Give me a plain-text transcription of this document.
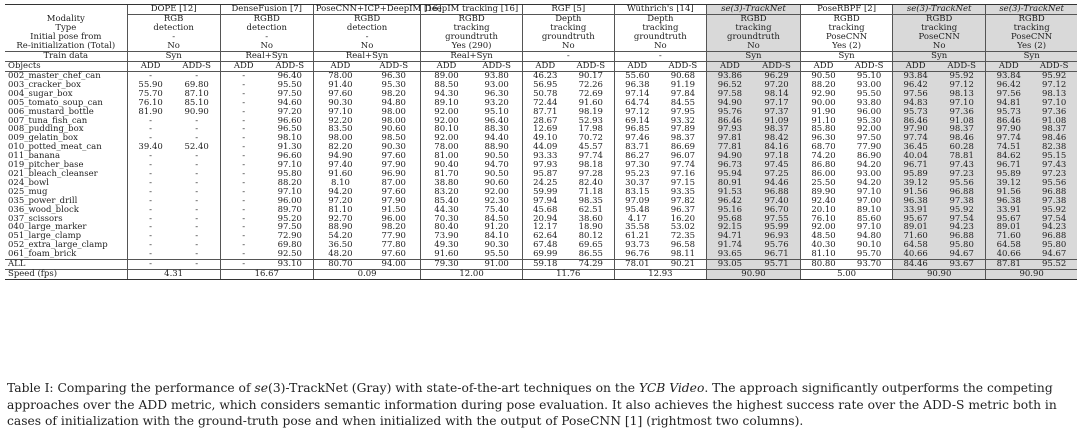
	DOPE [12]		DenseFusion [7]		PoseCNN+ICP+DeepIM [16]		DeepIM tracking [16]		RGF [5]		Wüthrich's [14]		se(3)-TrackNet		PoseRBPF [2]		se(3)-TrackNet		se(3)-TrackNet	
Modality	RGB		RGBD		RGBD		RGBD		Depth		Depth		RGBD		RGBD		RGBD		RGBD	
Type	detection		detection		detection		tracking		tracking		tracking		tracking		tracking		tracking		tracking	
Initial pose from	-		-		-		groundtruth		groundtruth		groundtruth		groundtruth		PoseCNN		PoseCNN		PoseCNN	
Re-initialization (Total)	No		No		No		Yes (290)		No		No		No		Yes (2)		No		Yes (2)	
Train data	Syn		Real+Syn		Real+Syn		Real+Syn		-		-		Syn		Syn		Syn		Syn	
Objects	ADD	ADD-S	ADD	ADD-S	ADD	ADD-S	ADD	ADD-S	ADD	ADD-S	ADD	ADD-S	ADD	ADD-S	ADD	ADD-S	ADD	ADD-S	ADD	ADD-S
002_master_chef_can	-	-	-	96.40	78.00	96.30	89.00	93.80	46.23	90.17	55.60	90.68	93.86	96.29	90.50	95.10	93.84	95.92	93.84	95.92
003_cracker_box	55.90	69.80	-	95.50	91.40	95.30	88.50	93.00	56.95	72.26	96.38	91.19	96.52	97.20	88.20	93.00	96.42	97.12	96.42	97.12
004_sugar_box	75.70	87.10	-	97.50	97.60	98.20	94.30	96.30	50.78	72.69	97.14	97.84	97.58	98.14	92.90	95.50	97.56	98.13	97.56	98.13
005_tomato_soup_can	76.10	85.10	-	94.60	90.30	94.80	89.10	93.20	72.44	91.60	64.74	84.55	94.90	97.17	90.00	93.80	94.83	97.10	94.81	97.10
006_mustard_bottle	81.90	90.90	-	97.20	97.10	98.00	92.00	95.10	87.71	98.19	97.12	97.95	95.76	97.37	91.90	96.00	95.73	97.36	95.73	97.36
007_tuna_fish_can	-	-	-	96.60	92.20	98.00	92.00	96.40	28.67	52.93	69.14	93.32	86.46	91.09	91.10	95.30	86.46	91.08	86.46	91.08
008_pudding_box	-	-	-	96.50	83.50	90.60	80.10	88.30	12.69	17.98	96.85	97.89	97.93	98.37	85.80	92.00	97.90	98.37	97.90	98.37
009_gelatin_box	-	-	-	98.10	98.00	98.50	92.00	94.40	49.10	70.72	97.46	98.37	97.81	98.42	96.30	97.50	97.74	98.46	97.74	98.46
010_potted_meat_can	39.40	52.40	-	91.30	82.20	90.30	78.00	88.90	44.09	45.57	83.71	86.69	77.81	84.16	68.70	77.90	36.45	60.28	74.51	82.38
011_banana	-	-	-	96.60	94.90	97.60	81.00	90.50	93.33	97.74	86.27	96.07	94.90	97.18	74.20	86.90	40.04	78.81	84.62	95.15
019_pitcher_base	-	-	-	97.10	97.40	97.90	90.40	94.70	97.93	98.18	97.30	97.74	96.73	97.45	86.80	94.20	96.71	97.43	96.71	97.43
021_bleach_cleanser	-	-	-	95.80	91.60	96.90	81.70	90.50	95.87	97.28	95.23	97.16	95.94	97.25	86.00	93.00	95.89	97.23	95.89	97.23
024_bowl	-	-	-	88.20	8.10	87.00	38.80	90.60	24.25	82.40	30.37	97.15	80.91	94.46	25.50	94.20	39.12	95.56	39.12	95.56
025_mug	-	-	-	97.10	94.20	97.60	83.20	92.00	59.99	71.18	83.15	93.35	91.53	96.88	89.90	97.10	91.56	96.88	91.56	96.88
035_power_drill	-	-	-	96.00	97.20	97.90	85.40	92.30	97.94	98.35	97.09	97.82	96.42	97.40	92.40	97.00	96.38	97.38	96.38	97.38
036_wood_block	-	-	-	89.70	81.10	91.50	44.30	75.40	45.68	62.51	95.48	96.37	95.16	96.70	20.10	89.10	33.91	95.92	33.91	95.92
037_scissors	-	-	-	95.20	92.70	96.00	70.30	84.50	20.94	38.60	4.17	16.20	95.68	97.55	76.10	85.60	95.67	97.54	95.67	97.54
040_large_marker	-	-	-	97.50	88.90	98.20	80.40	91.20	12.17	18.90	35.58	53.02	92.15	95.99	92.00	97.10	89.01	94.23	89.01	94.23
051_large_clamp	-	-	-	72.90	54.20	77.90	73.90	84.10	62.64	80.12	61.21	72.35	94.71	96.93	48.50	94.80	71.60	96.88	71.60	96.88
052_extra_large_clamp	-	-	-	69.80	36.50	77.80	49.30	90.30	67.48	69.65	93.73	96.58	91.74	95.76	40.30	90.10	64.58	95.80	64.58	95.80
061_foam_brick	-	-	-	92.50	48.20	97.60	91.60	95.50	69.99	86.55	96.76	98.11	93.65	96.71	81.10	95.70	40.66	94.67	40.66	94.67
ALL	-	-	-	93.10	80.70	94.00	79.30	91.00	59.18	74.29	78.01	90.21	93.05	95.71	80.80	93.70	84.46	93.67	87.81	95.52
Speed (fps)	4.31		16.67		0.09		12.00		11.76		12.93		90.90		5.00		90.90		90.90	

Table I: Comparing the performance of se(3)-TrackNet (Gray) with state-of-the-art techniques on the YCB Video. The approach significantly outperforms the competing approaches over the ADD metric, which considers semantic information during pose evaluation. It also achieves the highest success rate over the ADD-S metric both in cases of initialization with the ground-truth pose and when initialized with the output of PoseCNN [1] (rightmost two columns).
